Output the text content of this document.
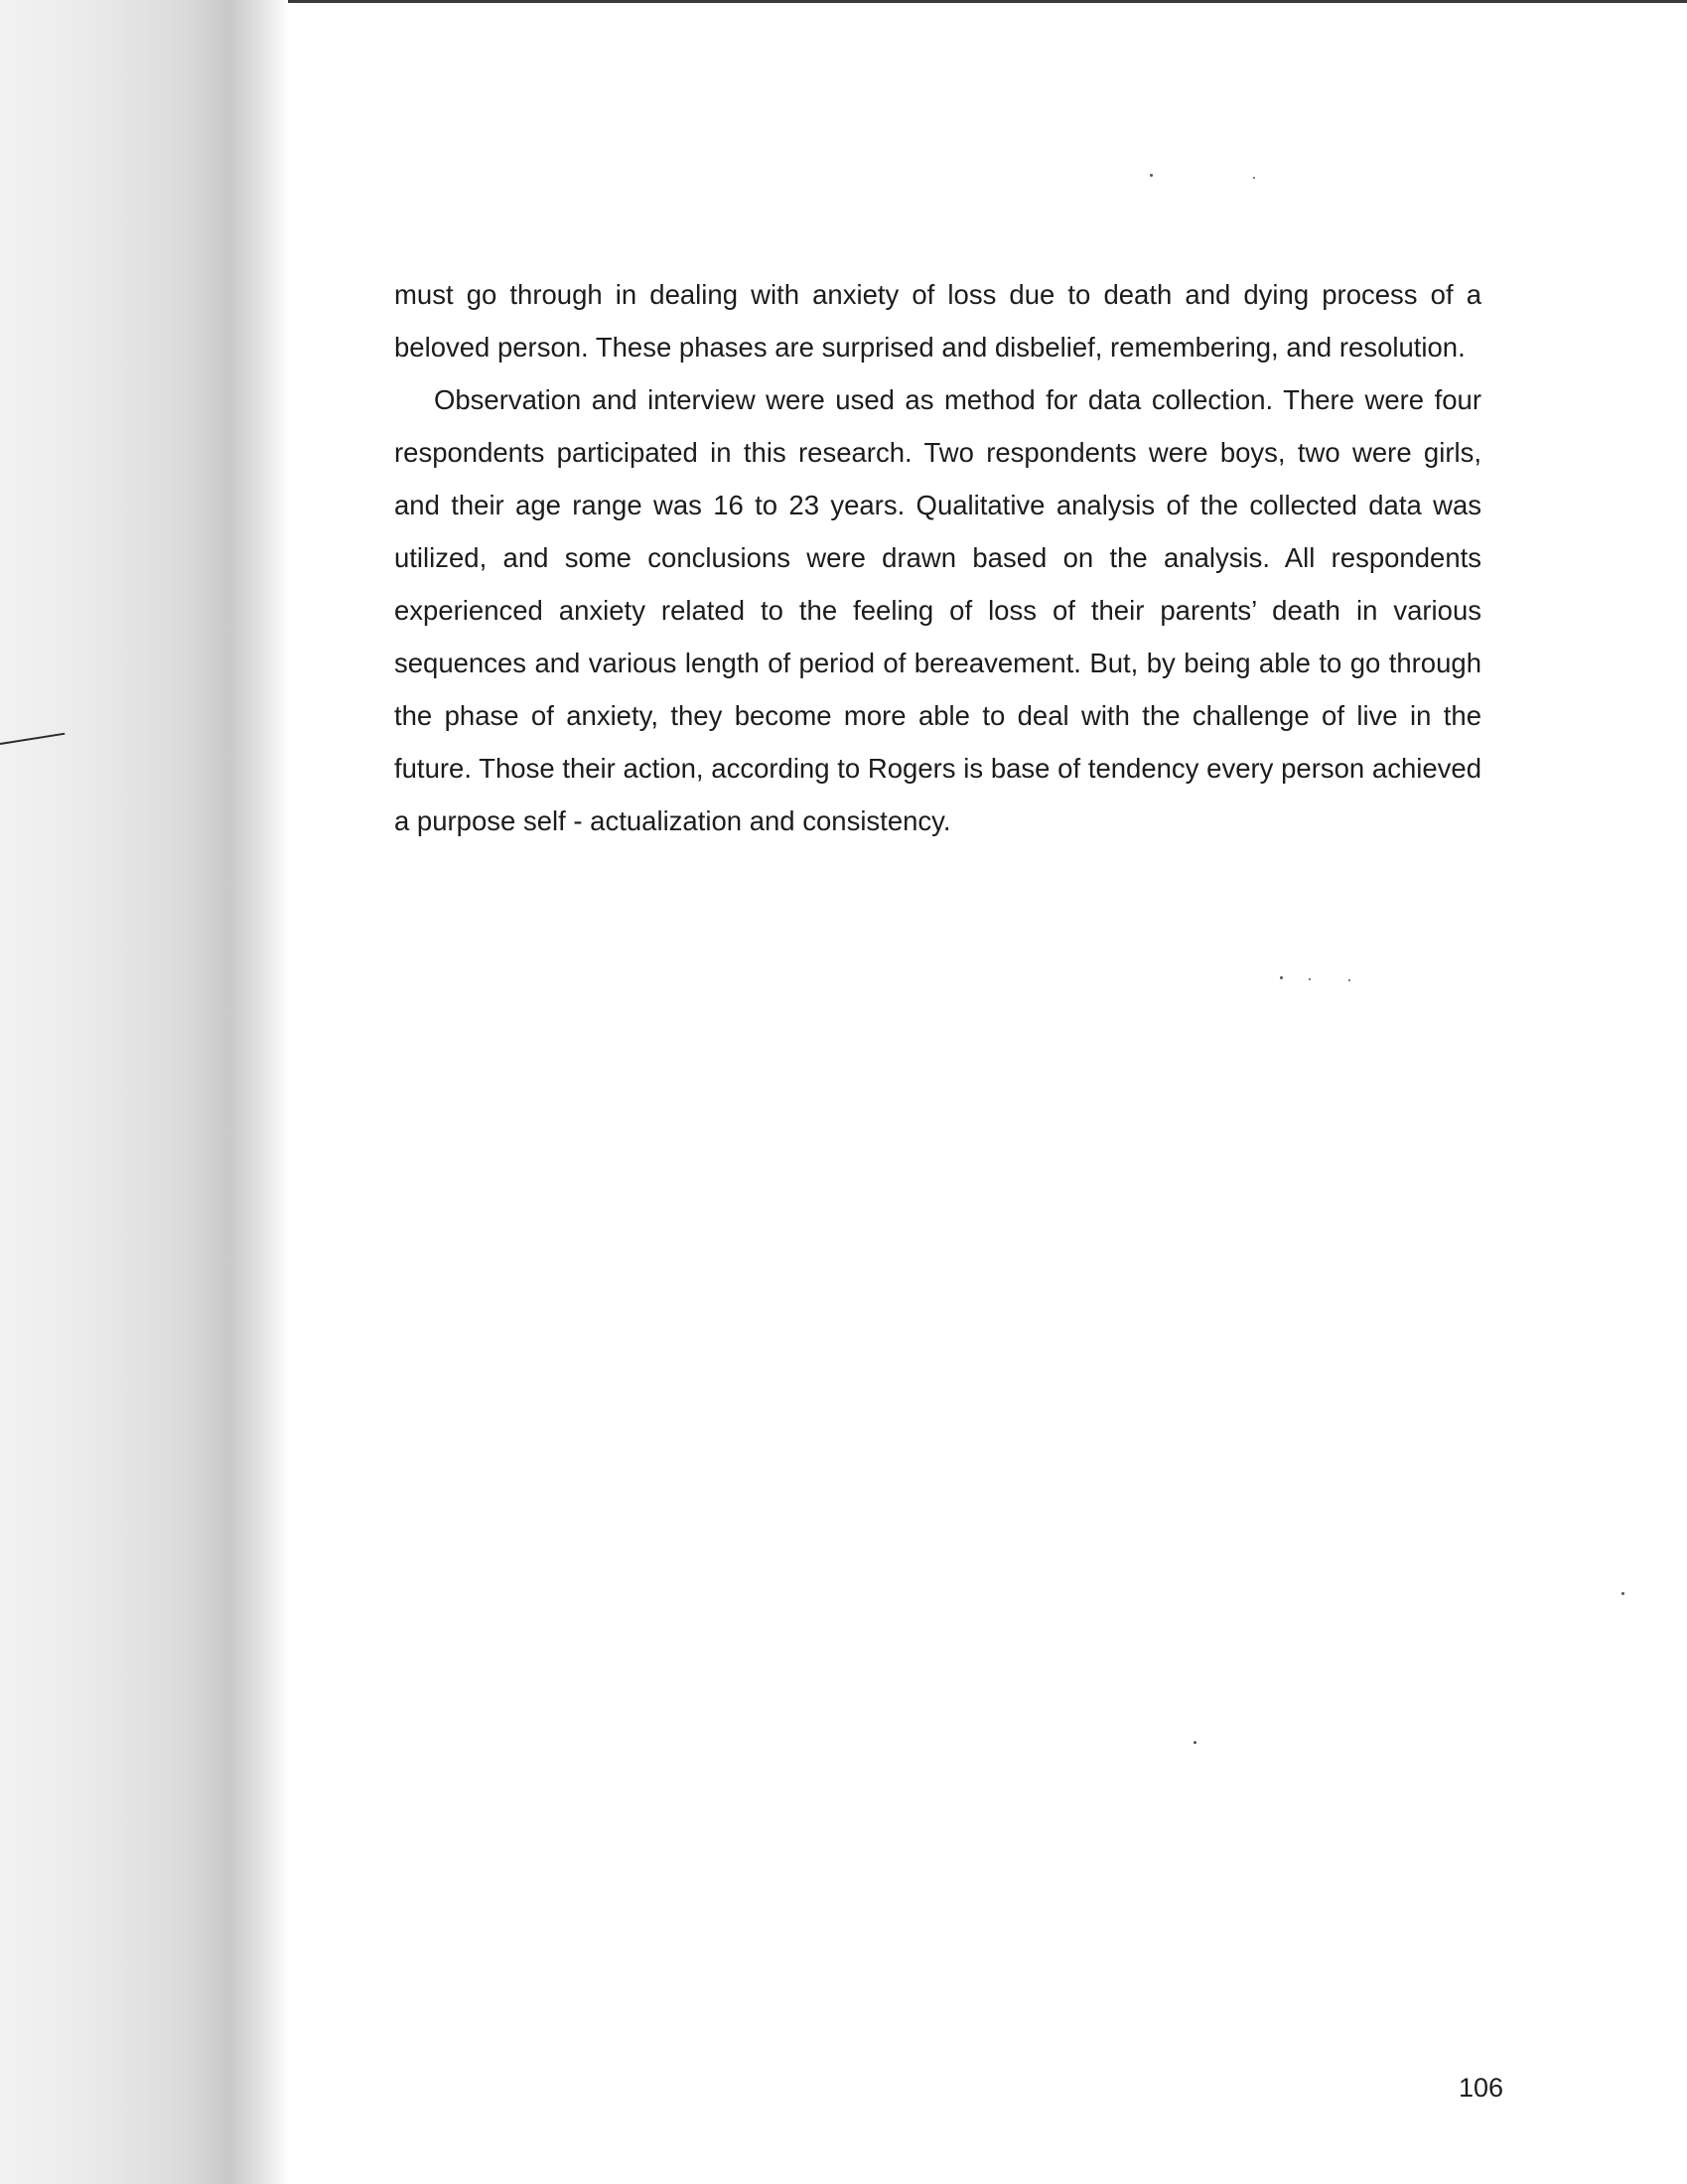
must go through in dealing with anxiety of loss due to death and dying process of a beloved person. These phases are surprised and disbelief, remembering, and resolution.

Observation and interview were used as method for data collection. There were four respondents participated in this research. Two respondents were boys, two were girls, and their age range was 16 to 23 years. Qualitative analysis of the collected data was utilized, and some conclusions were drawn based on the analysis. All respondents experienced anxiety related to the feeling of loss of their parents’ death in various sequences and various length of period of bereavement. But, by being able to go through the phase of anxiety, they become more able to deal with the challenge of live in the future. Those their action, according to Rogers is base of tendency every person achieved a purpose self - actualization and consistency.

106
